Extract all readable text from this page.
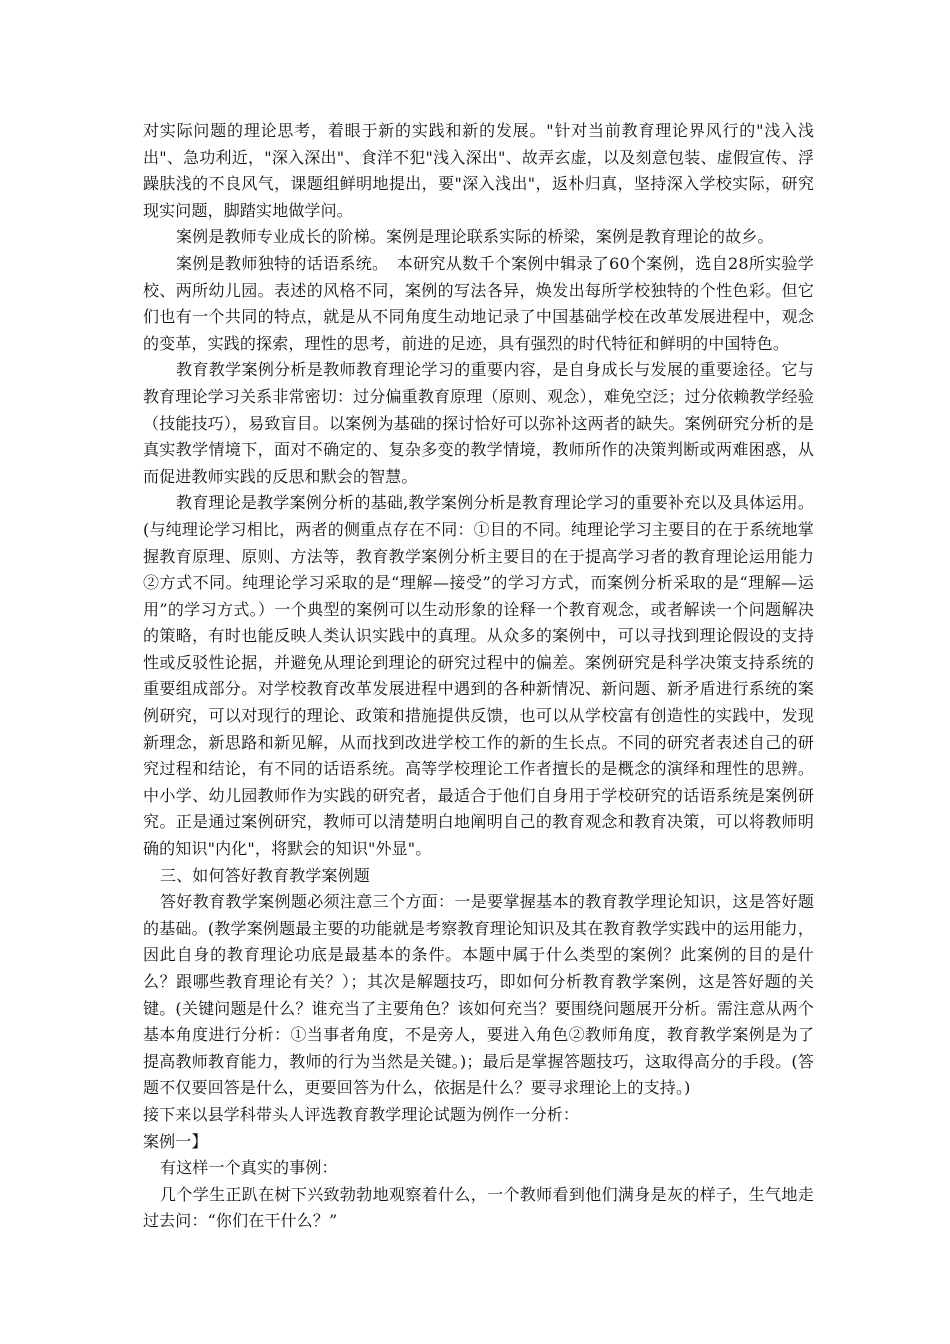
对实际问题的理论思考，着眼于新的实践和新的发展。"针对当前教育理论界风行的"浅入浅出"、急功利近，"深入深出"、食洋不犯"浅入深出"、故弄玄虚，以及刻意包装、虚假宣传、浮躁肤浅的不良风气，课题组鲜明地提出，要"深入浅出"，返朴归真，坚持深入学校实际，研究现实问题，脚踏实地做学问。

案例是教师专业成长的阶梯。案例是理论联系实际的桥梁，案例是教育理论的故乡。

案例是教师独特的话语系统。　本研究从数千个案例中辑录了60个案例，选自28所实验学校、两所幼儿园。表述的风格不同，案例的写法各异，焕发出每所学校独特的个性色彩。但它们也有一个共同的特点，就是从不同角度生动地记录了中国基础学校在改革发展进程中，观念的变革，实践的探索，理性的思考，前进的足迹，具有强烈的时代特征和鲜明的中国特色。

教育教学案例分析是教师教育理论学习的重要内容，是自身成长与发展的重要途径。它与教育理论学习关系非常密切：过分偏重教育原理（原则、观念），难免空泛；过分依赖教学经验（技能技巧），易致盲目。以案例为基础的探讨恰好可以弥补这两者的缺失。案例研究分析的是真实教学情境下，面对不确定的、复杂多变的教学情境，教师所作的决策判断或两难困惑，从而促进教师实践的反思和默会的智慧。

教育理论是教学案例分析的基础,教学案例分析是教育理论学习的重要补充以及具体运用。(与纯理论学习相比，两者的侧重点存在不同：①目的不同。纯理论学习主要目的在于系统地掌握教育原理、原则、方法等，教育教学案例分析主要目的在于提高学习者的教育理论运用能力②方式不同。纯理论学习采取的是“理解—接受”的学习方式，而案例分析采取的是“理解—运用”的学习方式。）一个典型的案例可以生动形象的诠释一个教育观念，或者解读一个问题解决的策略，有时也能反映人类认识实践中的真理。从众多的案例中，可以寻找到理论假设的支持性或反驳性论据，并避免从理论到理论的研究过程中的偏差。案例研究是科学决策支持系统的重要组成部分。对学校教育改革发展进程中遇到的各种新情况、新问题、新矛盾进行系统的案例研究，可以对现行的理论、政策和措施提供反馈，也可以从学校富有创造性的实践中，发现新理念，新思路和新见解，从而找到改进学校工作的新的生长点。不同的研究者表述自己的研究过程和结论，有不同的话语系统。高等学校理论工作者擅长的是概念的演绎和理性的思辨。中小学、幼儿园教师作为实践的研究者，最适合于他们自身用于学校研究的话语系统是案例研究。正是通过案例研究，教师可以清楚明白地阐明自己的教育观念和教育决策，可以将教师明确的知识"内化"，将默会的知识"外显"。

三、如何答好教育教学案例题

答好教育教学案例题必须注意三个方面：一是要掌握基本的教育教学理论知识，这是答好题的基础。(教学案例题最主要的功能就是考察教育理论知识及其在教育教学实践中的运用能力，因此自身的教育理论功底是最基本的条件。本题中属于什么类型的案例？此案例的目的是什么？跟哪些教育理论有关？）；其次是解题技巧，即如何分析教育教学案例，这是答好题的关键。(关键问题是什么？谁充当了主要角色？该如何充当？要围绕问题展开分析。需注意从两个基本角度进行分析：①当事者角度，不是旁人，要进入角色②教师角度，教育教学案例是为了提高教师教育能力，教师的行为当然是关键。)；最后是掌握答题技巧，这取得高分的手段。(答题不仅要回答是什么，更要回答为什么，依据是什么？要寻求理论上的支持。)

接下来以县学科带头人评选教育教学理论试题为例作一分析：

案例一】

有这样一个真实的事例：

几个学生正趴在树下兴致勃勃地观察着什么，一个教师看到他们满身是灰的样子，生气地走过去问：“你们在干什么？”
